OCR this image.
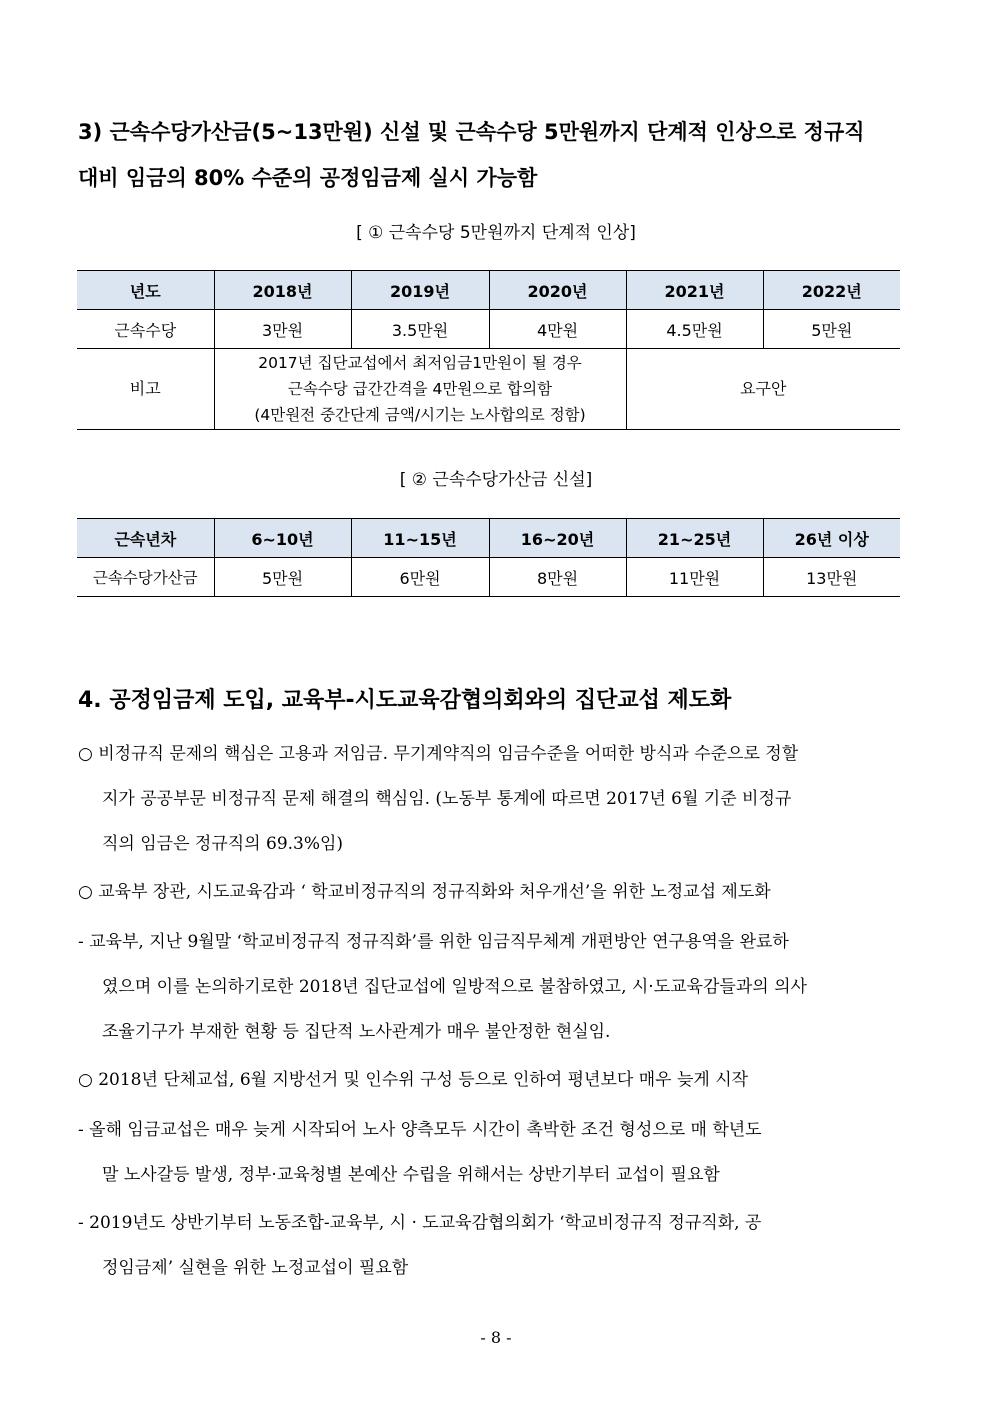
3) 근속수당가산금(5~13만원) 신설 및 근속수당 5만원까지 단계적 인상으로 정규직
대비 임금의 80% 수준의 공정임금제 실시 가능함
[ ① 근속수당 5만원까지 단계적 인상]
년도	2018년	2019년	2020년	2021년	2022년
근속수당	3만원	3.5만원	4만원	4.5만원	5만원
비고	2017년 집단교섭에서 최저임금1만원이 될 경우
근속수당 급간간격을 4만원으로 합의함
(4만원전 중간단계 금액/시기는 노사합의로 정함)			요구안	
[ ② 근속수당가산금 신설]
근속년차	6~10년	11~15년	16~20년	21~25년	26년 이상
근속수당가산금	5만원	6만원	8만원	11만원	13만원
4. 공정임금제 도입, 교육부-시도교육감협의회와의 집단교섭 제도화
○ 비정규직 문제의 핵심은 고용과 저임금. 무기계약직의 임금수준을 어떠한 방식과 수준으로 정할
지가 공공부문 비정규직 문제 해결의 핵심임. (노동부 통계에 따르면 2017년 6월 기준 비정규
직의 임금은 정규직의 69.3%임)
○ 교육부 장관, 시도교육감과 ‘ 학교비정규직의 정규직화와 처우개선’을 위한 노정교섭 제도화
- 교육부, 지난 9월말 ‘학교비정규직 정규직화’를 위한 임금직무체계 개편방안 연구용역을 완료하
였으며 이를 논의하기로한 2018년 집단교섭에 일방적으로 불참하였고, 시·도교육감들과의 의사
조율기구가 부재한 현황 등 집단적 노사관계가 매우 불안정한 현실임.
○ 2018년 단체교섭, 6월 지방선거 및 인수위 구성 등으로 인하여 평년보다 매우 늦게 시작
- 올해 임금교섭은 매우 늦게 시작되어 노사 양측모두 시간이 촉박한 조건 형성으로 매 학년도
말 노사갈등 발생, 정부·교육청별 본예산 수립을 위해서는 상반기부터 교섭이 필요함
- 2019년도 상반기부터 노동조합-교육부, 시 · 도교육감협의회가 ‘학교비정규직 정규직화, 공
정임금제’ 실현을 위한 노정교섭이 필요함
- 8 -
